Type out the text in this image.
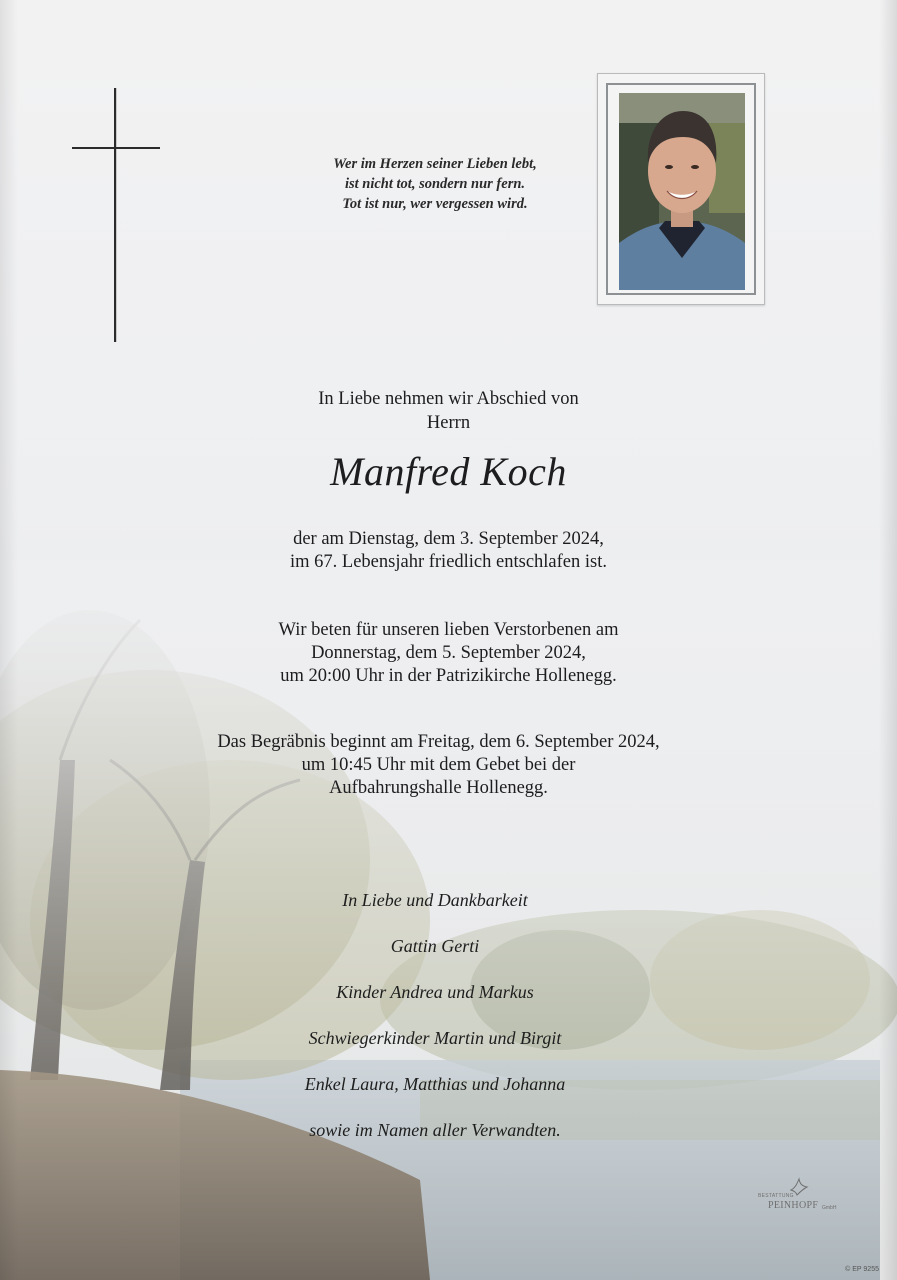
Wer im Herzen seiner Lieben lebt,
ist nicht tot, sondern nur fern.
Tot ist nur, wer vergessen wird.
In Liebe nehmen wir Abschied von
Herrn
Manfred Koch
der am Dienstag, dem 3. September 2024,
im 67. Lebensjahr friedlich entschlafen ist.
Wir beten für unseren lieben Verstorbenen am
Donnerstag, dem 5. September 2024,
um 20:00 Uhr in der Patrizikirche Hollenegg.
Das Begräbnis beginnt am Freitag, dem 6. September 2024,
um 10:45 Uhr mit dem Gebet bei der
Aufbahrungshalle Hollenegg.
In Liebe und Dankbarkeit
Gattin Gerti
Kinder Andrea und Markus
Schwiegerkinder Martin und Birgit
Enkel Laura, Matthias und Johanna
sowie im Namen aller Verwandten.
BESTATTUNG
PEINHOPF GmbH
© EP 9255
